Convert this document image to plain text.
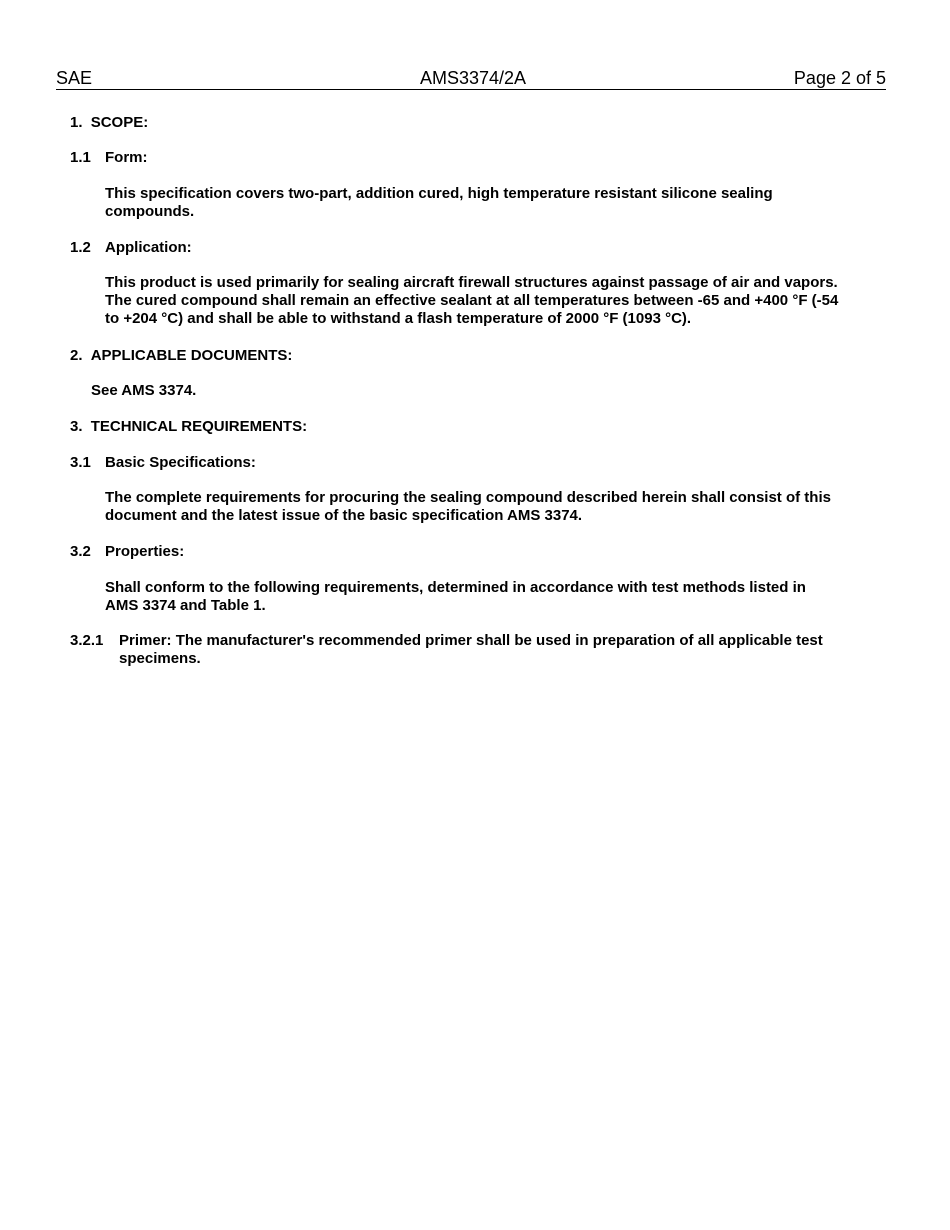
SAE	AMS3374/2A	Page 2 of 5
1. SCOPE:
1.1 Form:
This specification covers two-part, addition cured, high temperature resistant silicone sealing compounds.
1.2 Application:
This product is used primarily for sealing aircraft firewall structures against passage of air and vapors. The cured compound shall remain an effective sealant at all temperatures between -65 and +400 °F (-54 to +204 °C) and shall be able to withstand a flash temperature of 2000 °F (1093 °C).
2. APPLICABLE DOCUMENTS:
See AMS 3374.
3. TECHNICAL REQUIREMENTS:
3.1 Basic Specifications:
The complete requirements for procuring the sealing compound described herein shall consist of this document and the latest issue of the basic specification AMS 3374.
3.2 Properties:
Shall conform to the following requirements, determined in accordance with test methods listed in AMS 3374 and Table 1.
3.2.1 Primer: The manufacturer's recommended primer shall be used in preparation of all applicable test specimens.
